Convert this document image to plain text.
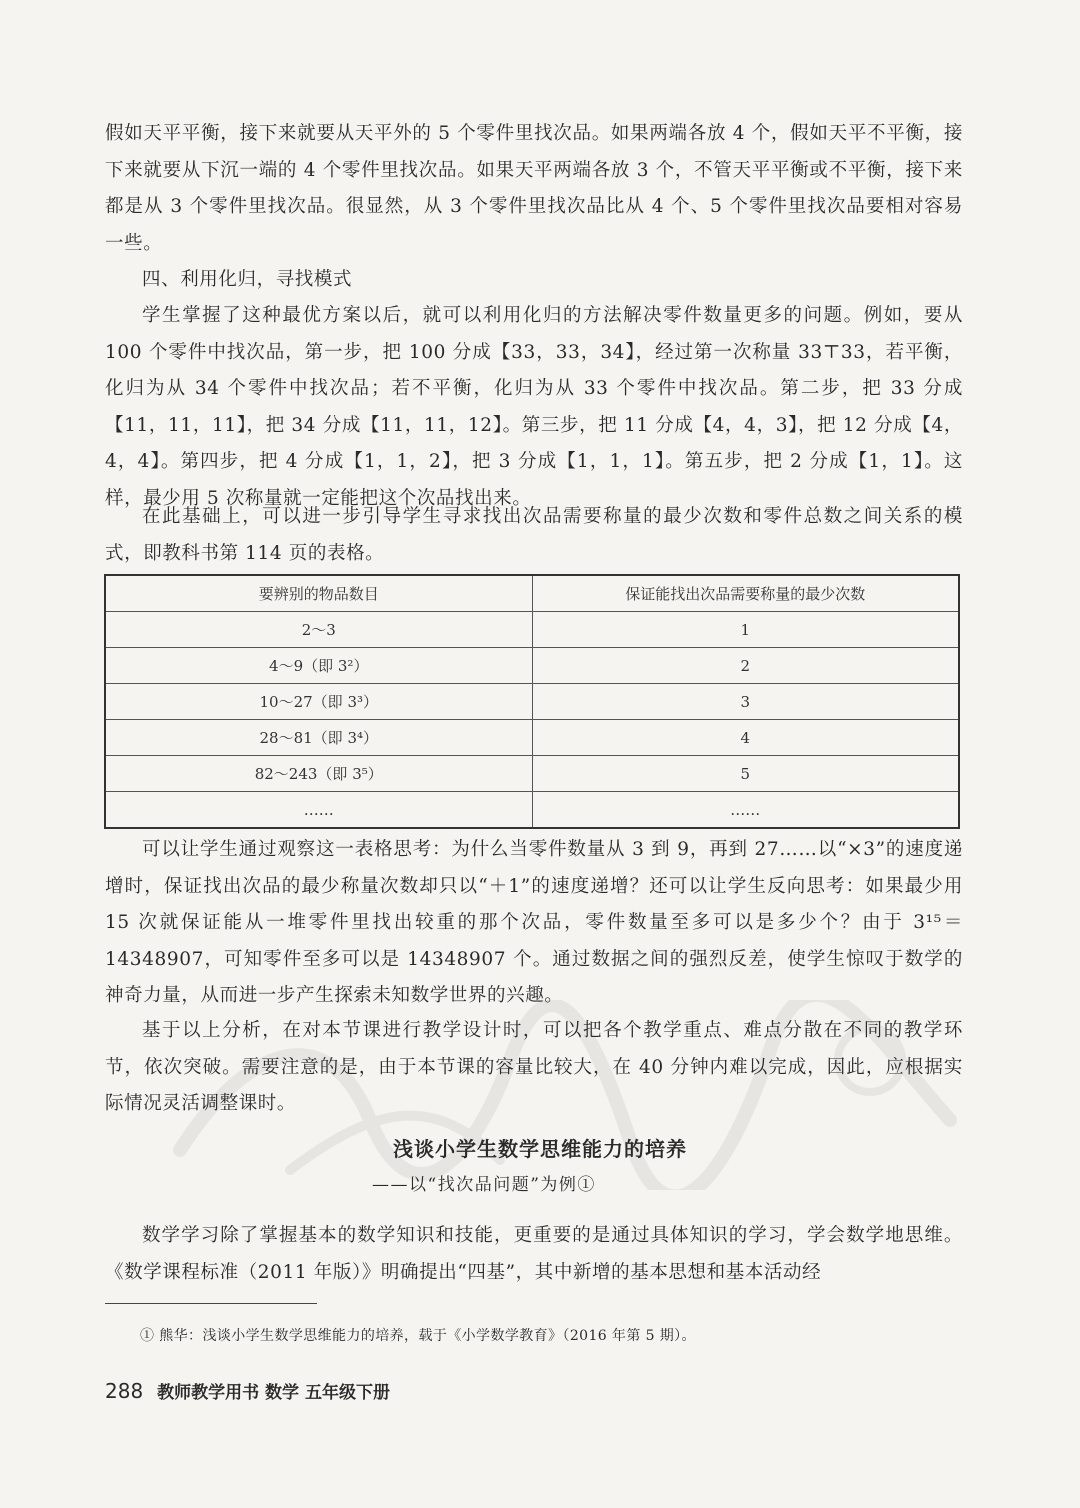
假如天平平衡，接下来就要从天平外的 5 个零件里找次品。如果两端各放 4 个，假如天平不平衡，接下来就要从下沉一端的 4 个零件里找次品。如果天平两端各放 3 个，不管天平平衡或不平衡，接下来都是从 3 个零件里找次品。很显然，从 3 个零件里找次品比从 4 个、5 个零件里找次品要相对容易一些。

四、利用化归，寻找模式

学生掌握了这种最优方案以后，就可以利用化归的方法解决零件数量更多的问题。例如，要从 100 个零件中找次品，第一步，把 100 分成【33，33，34】，经过第一次称量 33⊤33，若平衡，化归为从 34 个零件中找次品；若不平衡，化归为从 33 个零件中找次品。第二步，把 33 分成【11，11，11】，把 34 分成【11，11，12】。第三步，把 11 分成【4，4，3】，把 12 分成【4，4，4】。第四步，把 4 分成【1，1，2】，把 3 分成【1，1，1】。第五步，把 2 分成【1，1】。这样，最少用 5 次称量就一定能把这个次品找出来。

在此基础上，可以进一步引导学生寻求找出次品需要称量的最少次数和零件总数之间关系的模式，即教科书第 114 页的表格。

要辨别的物品数目	保证能找出次品需要称量的最少次数
2～3	1
4～9（即 3²）	2
10～27（即 3³）	3
28～81（即 3⁴）	4
82～243（即 3⁵）	5
……	……

可以让学生通过观察这一表格思考：为什么当零件数量从 3 到 9，再到 27……以“×3”的速度递增时，保证找出次品的最少称量次数却只以“＋1”的速度递增？还可以让学生反向思考：如果最少用 15 次就保证能从一堆零件里找出较重的那个次品，零件数量至多可以是多少个？由于 3¹⁵＝14348907，可知零件至多可以是 14348907 个。通过数据之间的强烈反差，使学生惊叹于数学的神奇力量，从而进一步产生探索未知数学世界的兴趣。

基于以上分析，在对本节课进行教学设计时，可以把各个教学重点、难点分散在不同的教学环节，依次突破。需要注意的是，由于本节课的容量比较大，在 40 分钟内难以完成，因此，应根据实际情况灵活调整课时。

浅谈小学生数学思维能力的培养
——以“找次品问题”为例①

数学学习除了掌握基本的数学知识和技能，更重要的是通过具体知识的学习，学会数学地思维。《数学课程标准（2011 年版）》明确提出“四基”，其中新增的基本思想和基本活动经

① 熊华：浅谈小学生数学思维能力的培养，载于《小学数学教育》（2016 年第 5 期）。
288 教师教学用书 数学 五年级下册
